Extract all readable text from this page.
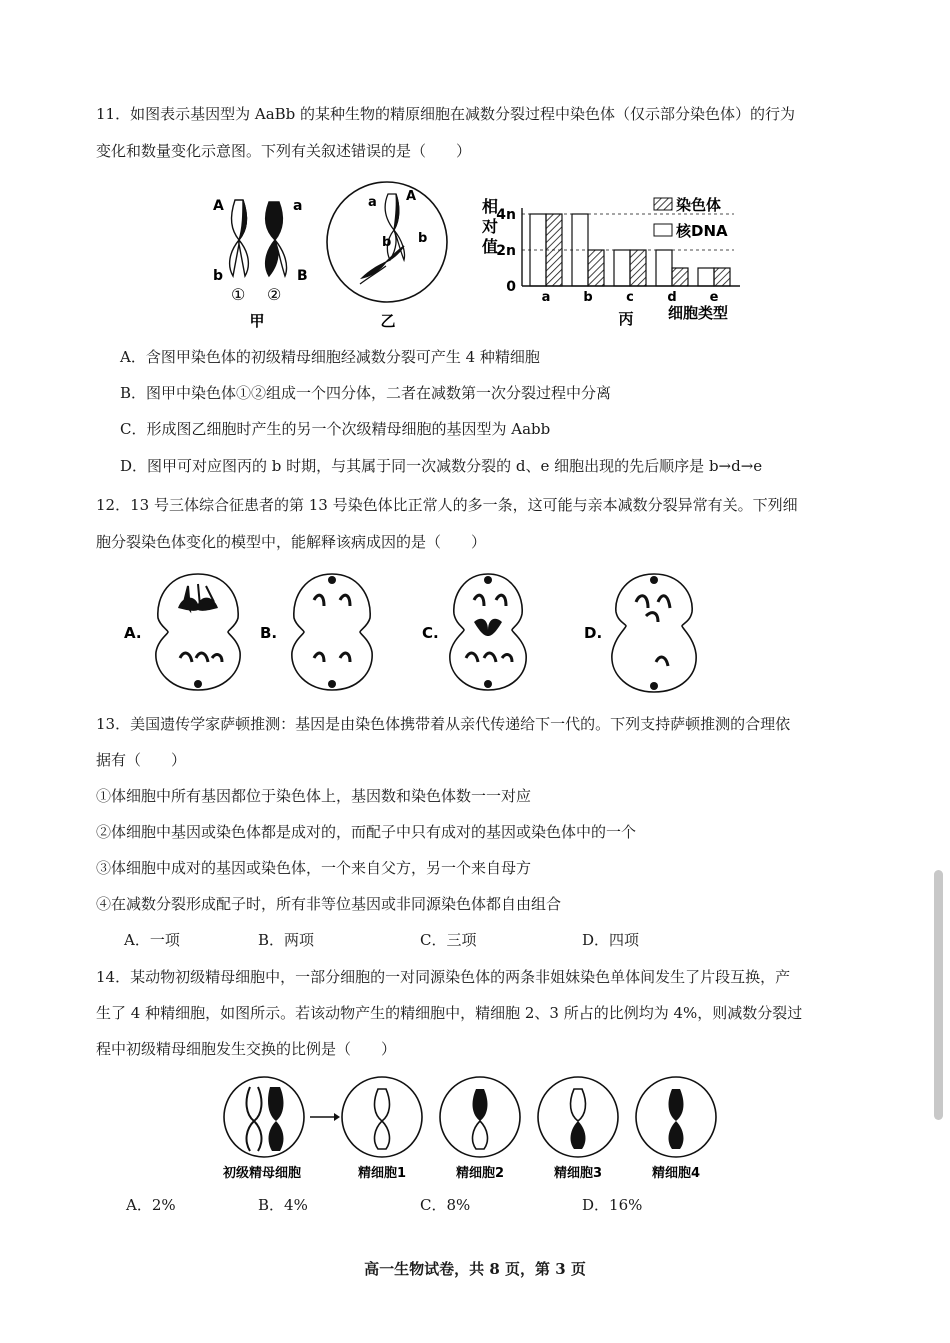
11．如图表示基因型为 AaBb 的某种生物的精原细胞在减数分裂过程中染色体（仅示部分染色体）的行为
变化和数量变化示意图。下列有关叙述错误的是（　　）
A	a
b	B
① ②
甲
a A
b
b
乙
0
2n
4n
a	b	c	d	e
相
对
值
染色体
核DNA
丙 细胞类型
A．含图甲染色体的初级精母细胞经减数分裂可产生 4 种精细胞
B．图甲中染色体①②组成一个四分体，二者在减数第一次分裂过程中分离
C．形成图乙细胞时产生的另一个次级精母细胞的基因型为 Aabb
D．图甲可对应图丙的 b 时期，与其属于同一次减数分裂的 d、e 细胞出现的先后顺序是 b→d→e
12．13 号三体综合征患者的第 13 号染色体比正常人的多一条，这可能与亲本减数分裂异常有关。下列细
胞分裂染色体变化的模型中，能解释该病成因的是（　　）
A.	B.	C.	D.
13．美国遗传学家萨顿推测：基因是由染色体携带着从亲代传递给下一代的。下列支持萨顿推测的合理依
据有（　　）
①体细胞中所有基因都位于染色体上，基因数和染色体数一一对应
②体细胞中基因或染色体都是成对的，而配子中只有成对的基因或染色体中的一个
③体细胞中成对的基因或染色体，一个来自父方，另一个来自母方
④在减数分裂形成配子时，所有非等位基因或非同源染色体都自由组合
A．一项	B．两项	C．三项	D．四项
14．某动物初级精母细胞中，一部分细胞的一对同源染色体的两条非姐妹染色单体间发生了片段互换，产
生了 4 种精细胞，如图所示。若该动物产生的精细胞中，精细胞 2、3 所占的比例均为 4%，则减数分裂过
程中初级精母细胞发生交换的比例是（　　）
初级精母细胞	精细胞1	精细胞2	精细胞3	精细胞4
A．2%	B．4%	C．8%	D．16%
高一生物试卷，共 8 页，第 3 页
